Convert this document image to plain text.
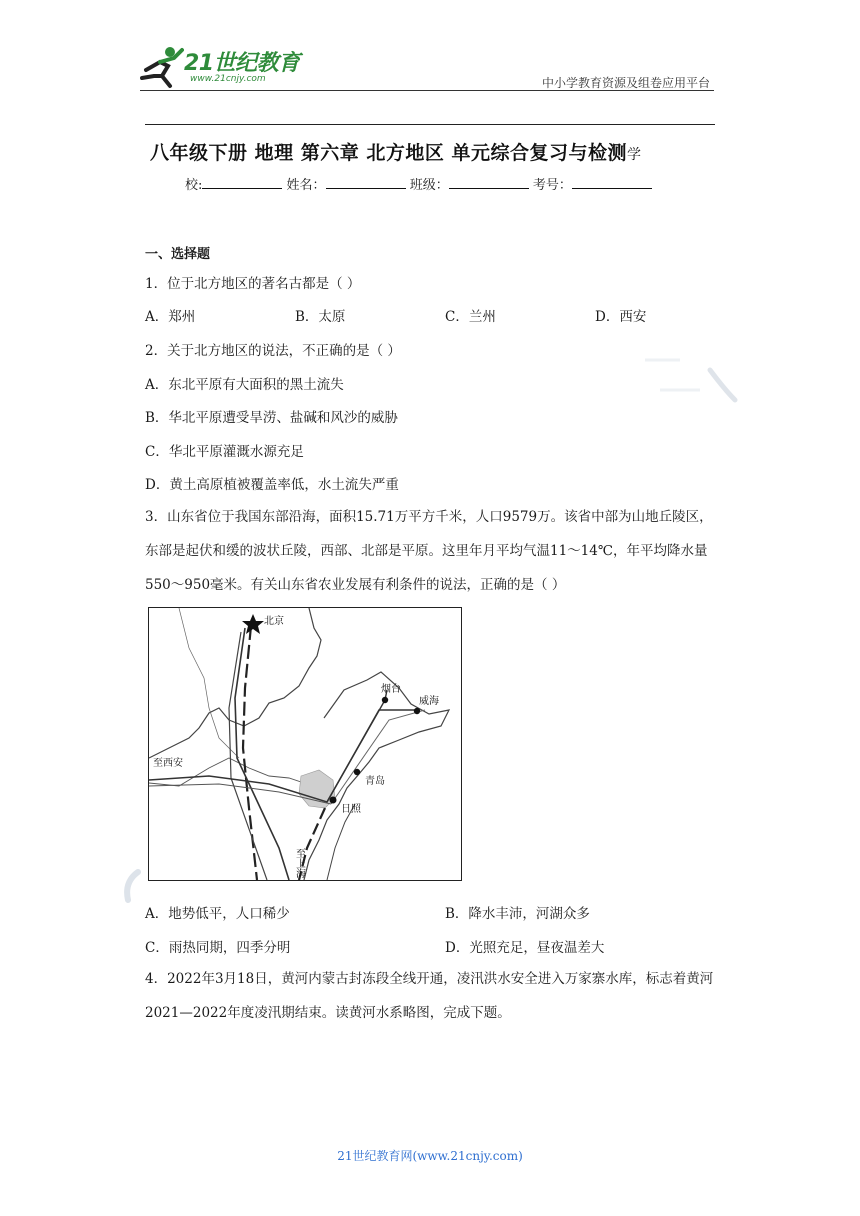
21世纪教育
www.21cnjy.com	中小学教育资源及组卷应用平台
八年级下册 地理 第六章 北方地区 单元综合复习与检测学
校:	姓名：	班级：	考号：
一、选择题
1．位于北方地区的著名古都是（ ）
A．郑州	B．太原	C．兰州	D．西安
2．关于北方地区的说法，不正确的是（ ）
A．东北平原有大面积的黑土流失
B．华北平原遭受旱涝、盐碱和风沙的威胁
C．华北平原灌溉水源充足
D．黄土高原植被覆盖率低，水土流失严重
3．山东省位于我国东部沿海，面积15.71万平方千米，人口9579万。该省中部为山地丘陵区，东部是起伏和缓的波状丘陵，西部、北部是平原。这里年月平均气温11～14℃，年平均降水量550～950毫米。有关山东省农业发展有利条件的说法，正确的是（ ）
北京
烟台
威海
青岛
日照
至西安
至上海
A．地势低平，人口稀少	B．降水丰沛，河湖众多
C．雨热同期，四季分明	D．光照充足，昼夜温差大
4．2022年3月18日，黄河内蒙古封冻段全线开通，凌汛洪水安全进入万家寨水库，标志着黄河2021—2022年度凌汛期结束。读黄河水系略图，完成下题。
21世纪教育网(www.21cnjy.com)
